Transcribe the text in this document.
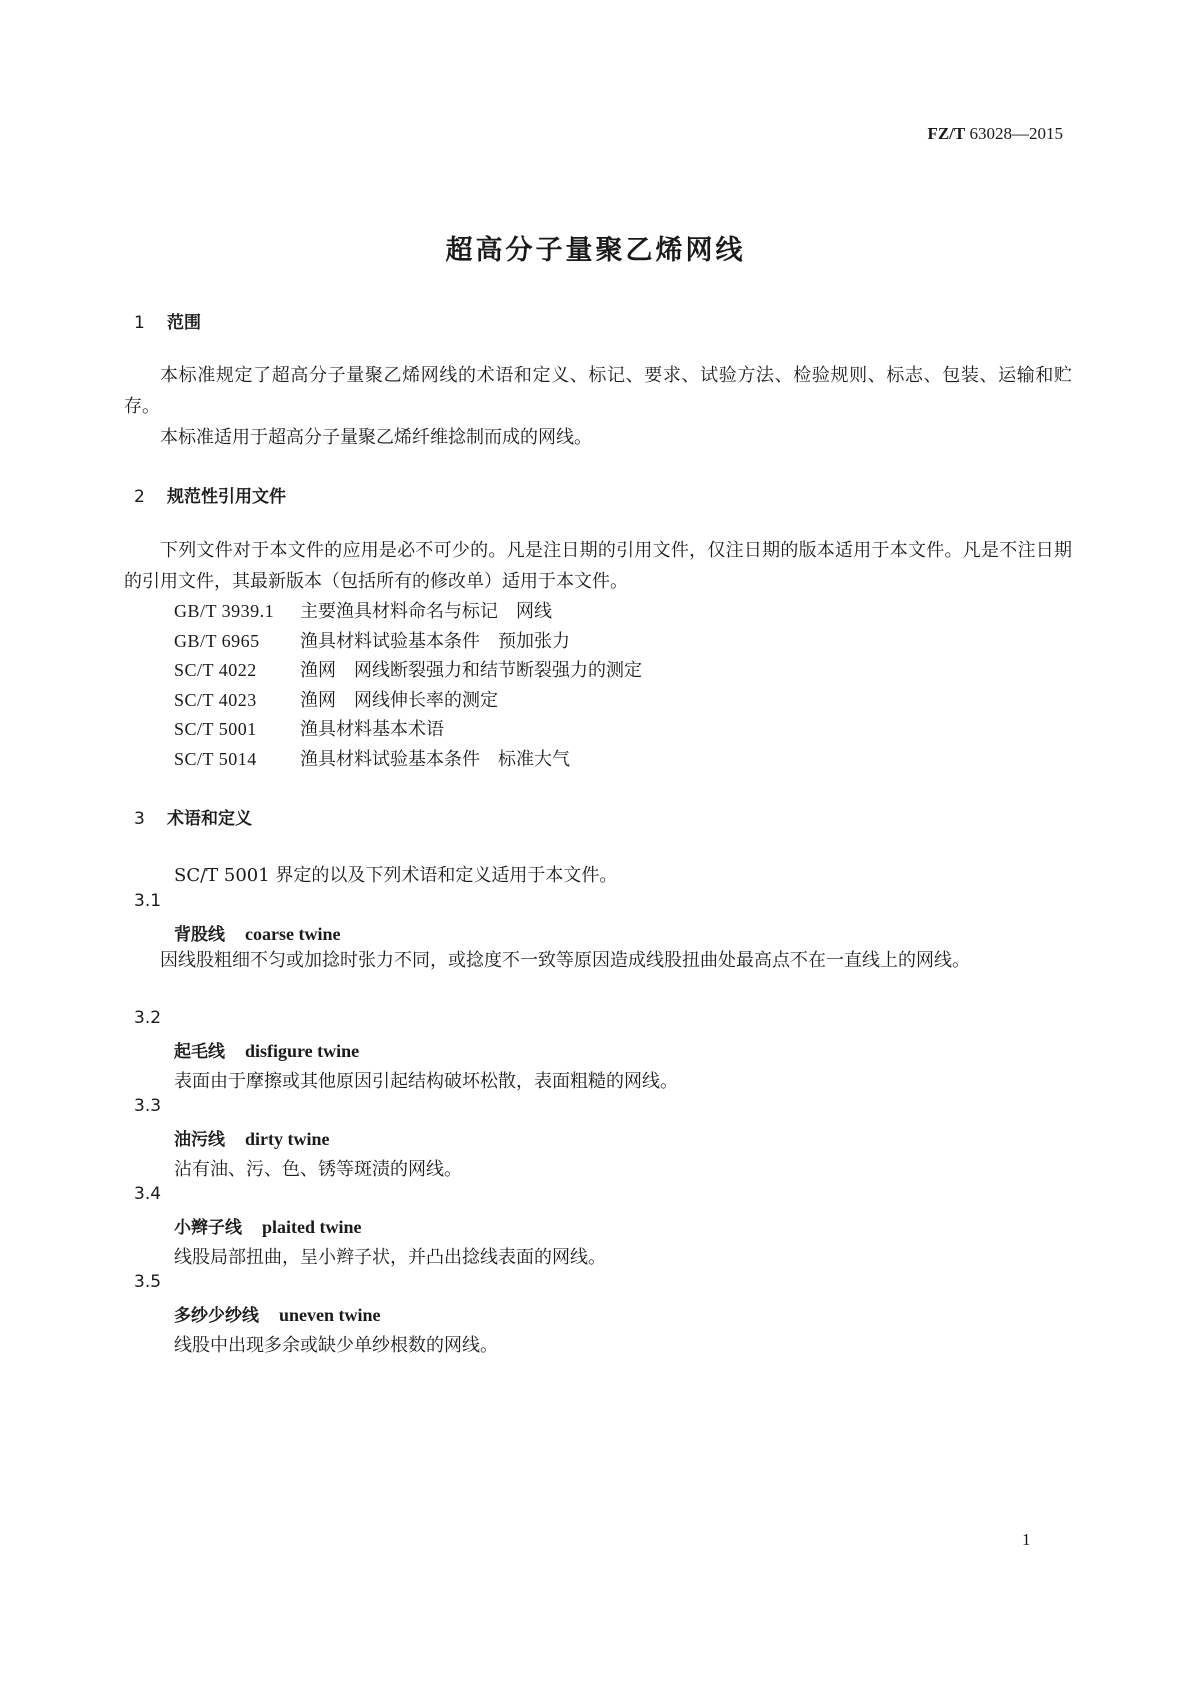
FZ/T 63028—2015
超高分子量聚乙烯网线
1 范围

本标准规定了超高分子量聚乙烯网线的术语和定义、标记、要求、试验方法、检验规则、标志、包装、运输和贮存。

本标准适用于超高分子量聚乙烯纤维捻制而成的网线。

2 规范性引用文件

下列文件对于本文件的应用是必不可少的。凡是注日期的引用文件，仅注日期的版本适用于本文件。凡是不注日期的引用文件，其最新版本（包括所有的修改单）适用于本文件。

GB/T 3939.1 主要渔具材料命名与标记　网线
GB/T 6965 渔具材料试验基本条件　预加张力
SC/T 4022 渔网　网线断裂强力和结节断裂强力的测定
SC/T 4023 渔网　网线伸长率的测定
SC/T 5001 渔具材料基本术语
SC/T 5014 渔具材料试验基本条件　标准大气
3 术语和定义
SC/T 5001 界定的以及下列术语和定义适用于本文件。
3.1
背股线 coarse twine

因线股粗细不匀或加捻时张力不同，或捻度不一致等原因造成线股扭曲处最高点不在一直线上的网线。

3.2
起毛线 disfigure twine
表面由于摩擦或其他原因引起结构破坏松散，表面粗糙的网线。
3.3
油污线 dirty twine
沾有油、污、色、锈等斑渍的网线。
3.4
小辫子线 plaited twine
线股局部扭曲，呈小辫子状，并凸出捻线表面的网线。
3.5
多纱少纱线 uneven twine
线股中出现多余或缺少单纱根数的网线。
1
